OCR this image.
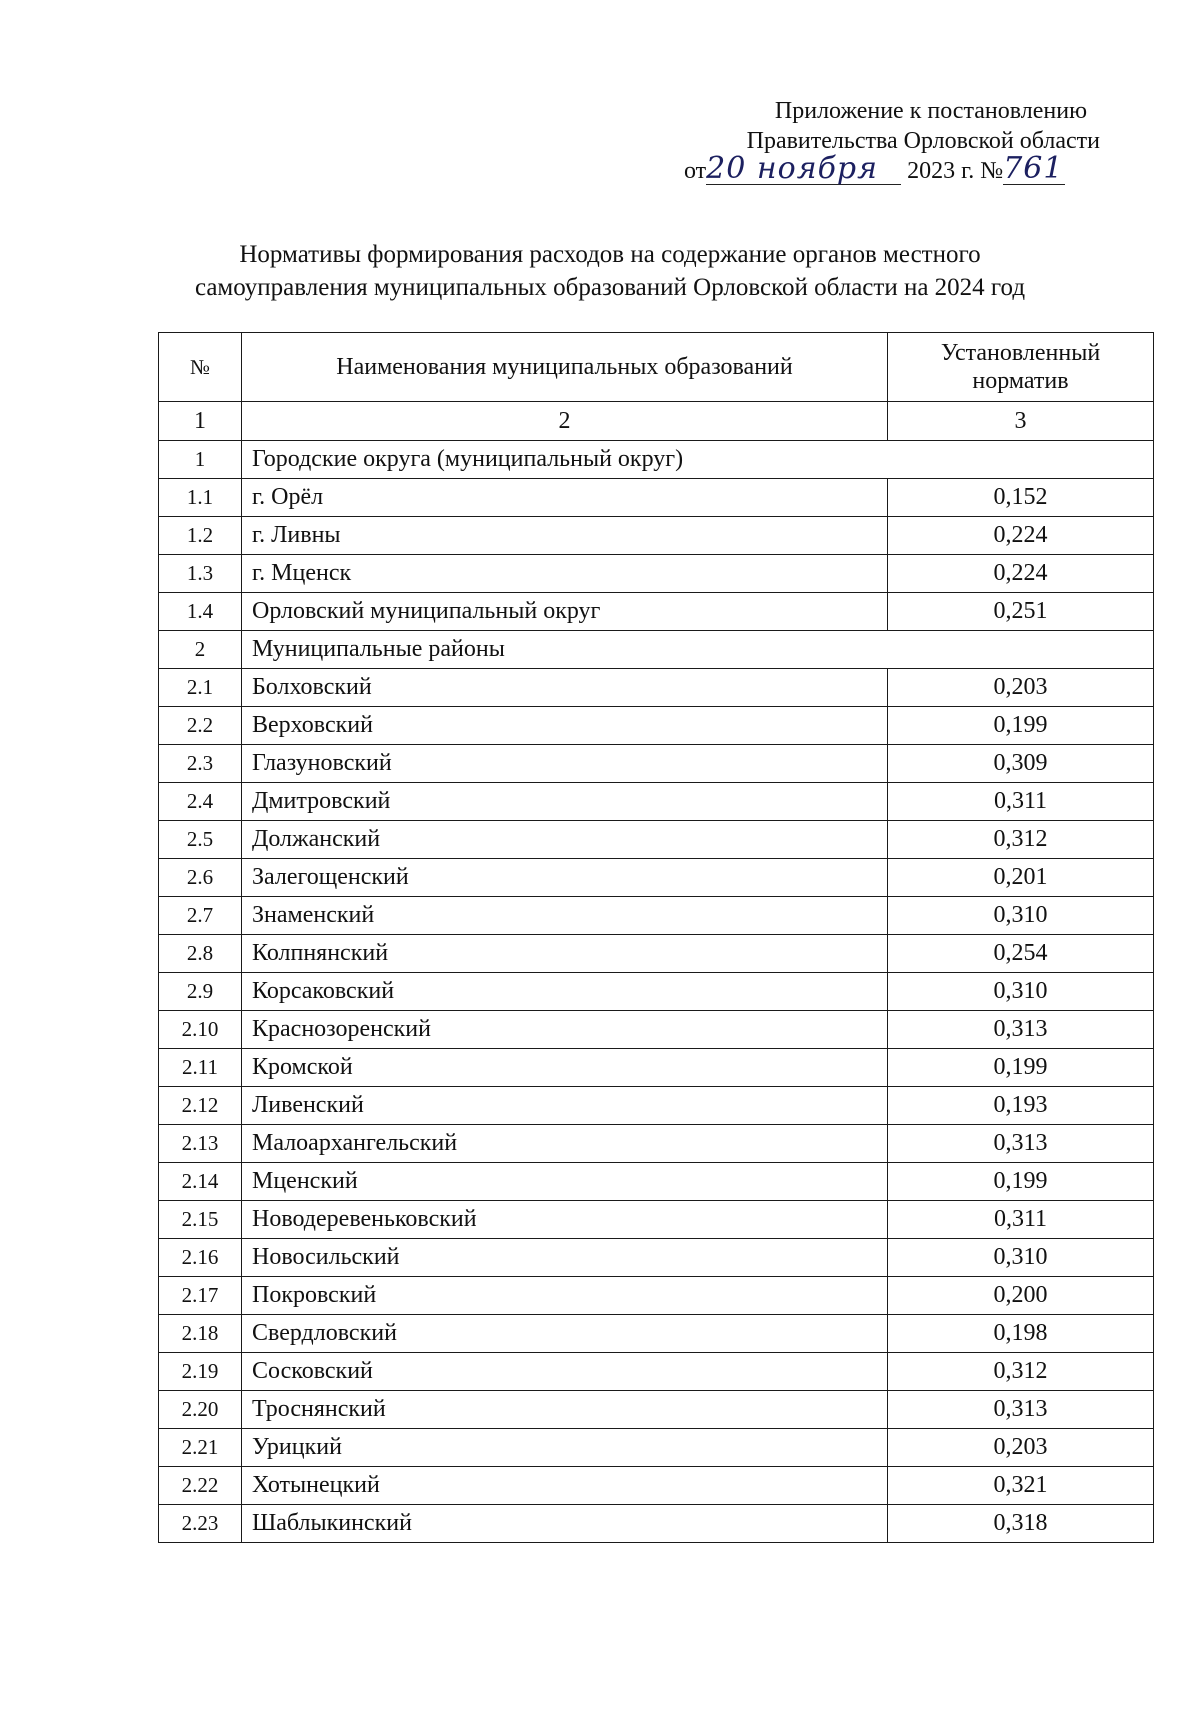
Приложение к постановлению
Правительства Орловской области
от20 ноября 2023 г. №761
Нормативы формирования расходов на содержание органов местного
самоуправления муниципальных образований Орловской области на 2024 год
№	Наименования муниципальных образований	Установленный норматив
1	2	3
1	Городские округа (муниципальный округ)	
1.1	г. Орёл	0,152
1.2	г. Ливны	0,224
1.3	г. Мценск	0,224
1.4	Орловский муниципальный округ	0,251
2	Муниципальные районы	
2.1	Болховский	0,203
2.2	Верховский	0,199
2.3	Глазуновский	0,309
2.4	Дмитровский	0,311
2.5	Должанский	0,312
2.6	Залегощенский	0,201
2.7	Знаменский	0,310
2.8	Колпнянский	0,254
2.9	Корсаковский	0,310
2.10	Краснозоренский	0,313
2.11	Кромской	0,199
2.12	Ливенский	0,193
2.13	Малоархангельский	0,313
2.14	Мценский	0,199
2.15	Новодеревеньковский	0,311
2.16	Новосильский	0,310
2.17	Покровский	0,200
2.18	Свердловский	0,198
2.19	Сосковский	0,312
2.20	Троснянский	0,313
2.21	Урицкий	0,203
2.22	Хотынецкий	0,321
2.23	Шаблыкинский	0,318
